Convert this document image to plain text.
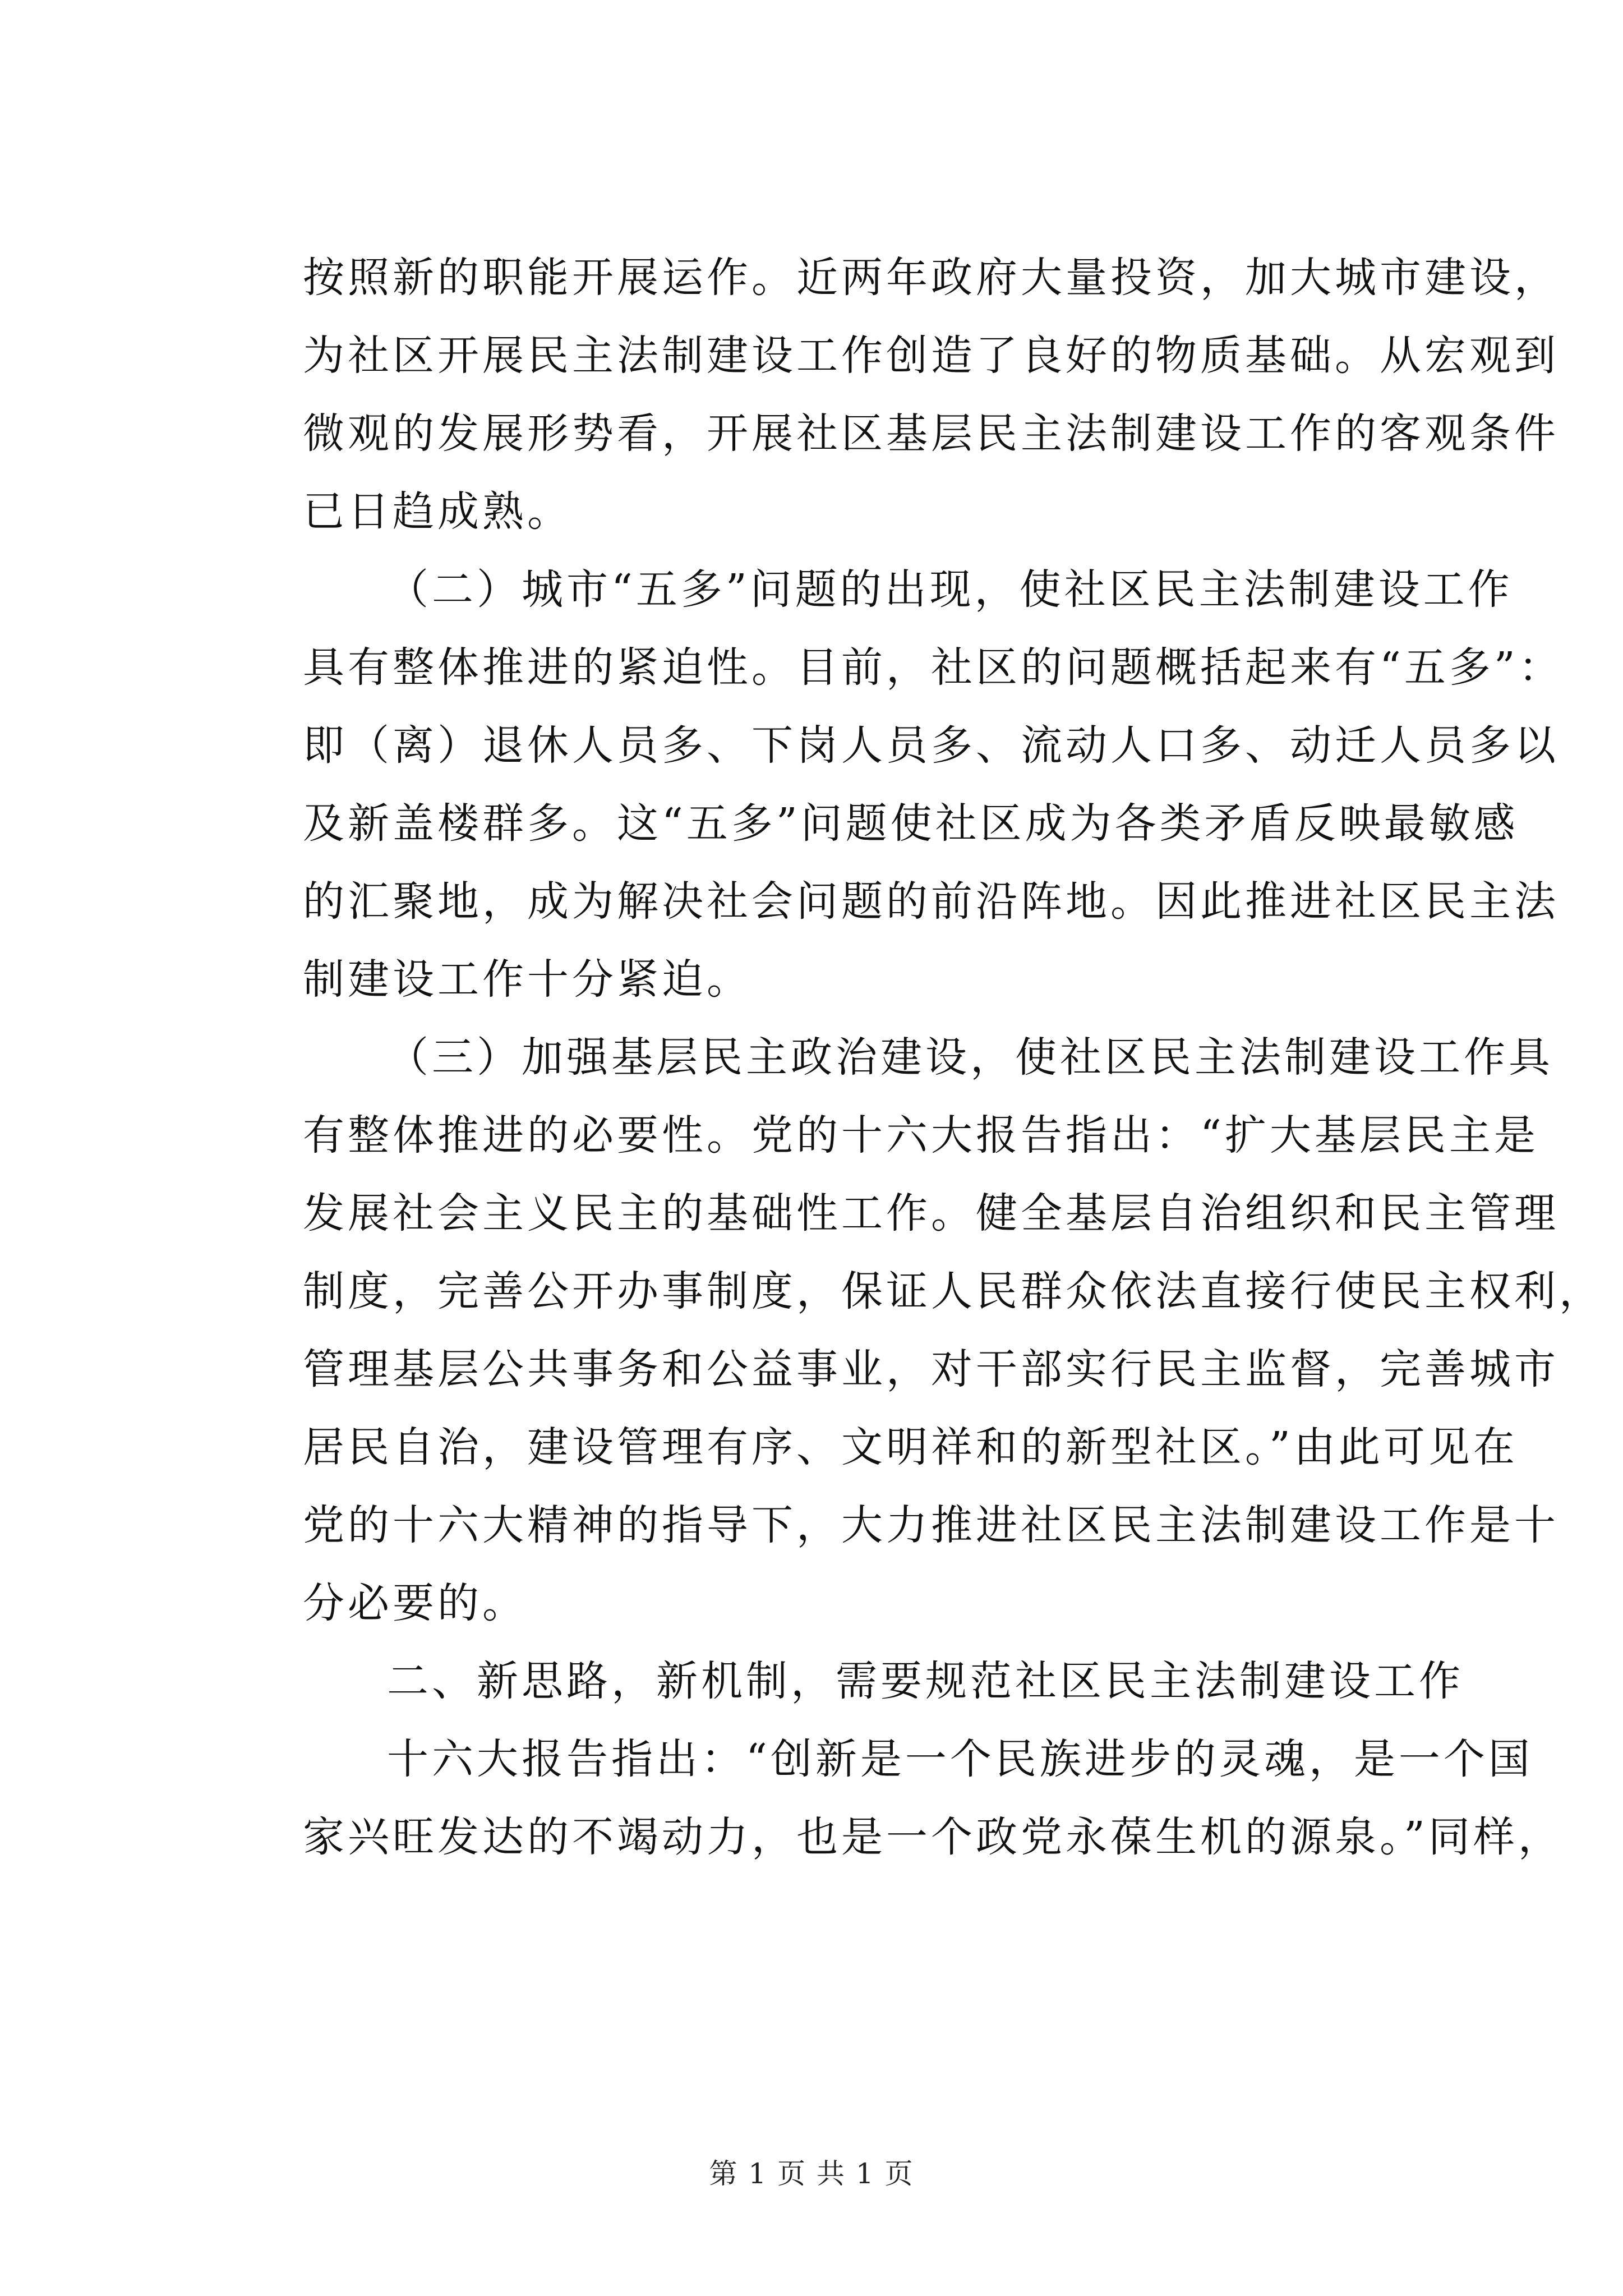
按照新的职能开展运作。近两年政府大量投资，加大城市建设，
为社区开展民主法制建设工作创造了良好的物质基础。从宏观到
微观的发展形势看，开展社区基层民主法制建设工作的客观条件
已日趋成熟。
（二）城市“五多”问题的出现，使社区民主法制建设工作
具有整体推进的紧迫性。目前，社区的问题概括起来有“五多”：
即（离）退休人员多、下岗人员多、流动人口多、动迁人员多以
及新盖楼群多。这“五多”问题使社区成为各类矛盾反映最敏感
的汇聚地，成为解决社会问题的前沿阵地。因此推进社区民主法
制建设工作十分紧迫。
（三）加强基层民主政治建设，使社区民主法制建设工作具
有整体推进的必要性。党的十六大报告指出：“扩大基层民主是
发展社会主义民主的基础性工作。健全基层自治组织和民主管理
制度，完善公开办事制度，保证人民群众依法直接行使民主权利，
管理基层公共事务和公益事业，对干部实行民主监督，完善城市
居民自治，建设管理有序、文明祥和的新型社区。”由此可见在
党的十六大精神的指导下，大力推进社区民主法制建设工作是十
分必要的。
二、新思路，新机制，需要规范社区民主法制建设工作
十六大报告指出：“创新是一个民族进步的灵魂，是一个国
家兴旺发达的不竭动力，也是一个政党永葆生机的源泉。”同样，
第 1 页 共 1 页
